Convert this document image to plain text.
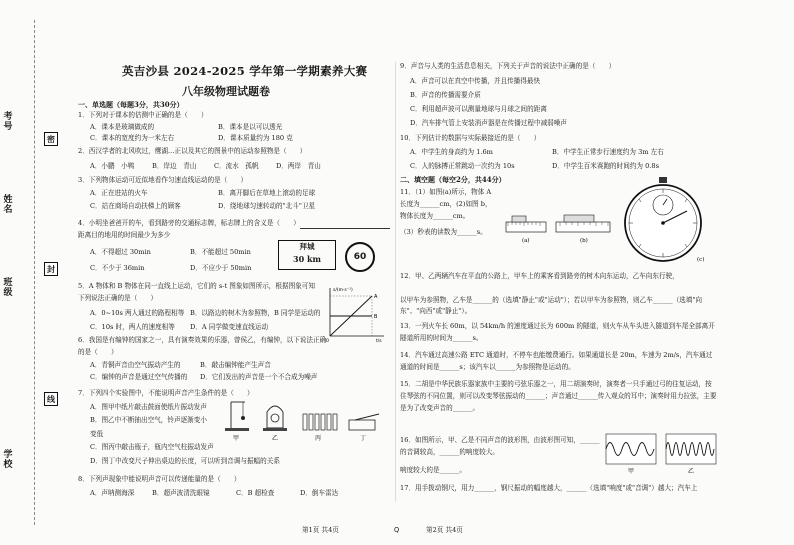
考号
姓名
班级
学校
密
封
线
英吉沙县 2024-2025 学年第一学期素养大赛
八年级物理试题卷
一、单选题（每题3分，共30分）
1．下列对于课本的估测中正确的是（　　）
A．课本是玻璃做成的	B．课本是以可以透光
C．课本的宽度约为一米左右	D．课本质量约为 180 克
2．西汉学者的北风吹过，鹰湖…正以及其它的图景中的运动参照物是（　　）
A．小鹏　小鸭	B．岸边　青山	C．流水　孤帆	D．两岸　青山
3．下列物体运动可近似地看作匀速直线运动的是（　　）
A．正在进站的火车	B．离开脚后在草地上滚动的足球
C．站在商场自动扶梯上的顾客	D．绕地球匀速转动的"北斗"卫星
4．小明坐爸爸开的车，看到路旁的交通标志牌，标志牌上的含义是（　　）
距离目的地用的时间最少为多少
A．不得超过 30min	B．不能超过 50min
C．不少于 36min	D．不应少于 50min
拜城
30 km	60
5．A 物体和 B 物体在同一直线上运动，它们的 s-t 图象如图所示，根据图象可知
下列说法正确的是（　　）
A．0~10s 两人通过的路程相等 B．以路边的树木为参照物，B 同学是运动的
C．10s 时，两人的速度相等 D．A 同学做变速直线运动
A
B
s/(m·s⁻¹)
t/s
0
6．我国是有编钟的国家之一，具有演奏效果的乐器，曾侯乙，有编钟，以下说法正确
的是（　　）
A．青铜声音由空气振动产生的	B．敲击编钟能产生声音
C．编钟的声音是通过空气传播的 D．它们发出的声音是一个不合成为噪声
7．下列四个实验图中，不能说明声音产生条件的是（　　）
A．图甲中纸片敲击鼓面使纸片振动发声
B．图乙中不断抽出空气，铃声逐渐变小
变低
C．图丙中敲击瓶子，瓶内空气柱振动发声
D．图丁中改变尺子伸出桌边的长度，可以听到音调与振幅的关系
甲	乙	丙	丁
8．下列声现象中能说明声音可以传递能量的是（　　）
A．声呐测海深	B．超声波清洗眼镜	C．B 超检查	D．倒车雷达
第1页 共4页	Q
9．声音与人类的生活息息相关，下列关于声音的说法中正确的是（　　）
A．声音可以在真空中传播，并且传播得最快
B．声音的传播需要介质
C．利用超声波可以测量地球与月球之间的距离
D．汽车排气管上安装消声器是在传播过程中减弱噪声
10．下列估计的数据与实际最接近的是（　　）
A．中学生的身高约为 1.6m	B．中学生正常步行速度约为 3m 左右
C．人的脉搏正常跳动一次约为 10s	D．中学生百米赛跑的时间约为 0.8s
二、填空题（每空2分，共44分）
11．（1）如图(a)所示，物体 A
长度为______cm，(2)如图 b，
物体长度为______cm。
（3）秒表的读数为______s。
(a)	(b)
(c)
12．甲、乙两辆汽车在平直的公路上，甲车上的乘客看到路旁的树木向东运动，乙车向东行驶，
以甲车为参照物，乙车是______的（选填"静止"或"运动"）；若以甲车为参照物，则乙车______（选填"向东"、"向西"或"静止"）。
13．一列火车长 60m，以 54km/h 的速度通过长为 600m 的隧道，则火车从车头进入隧道到车尾全部离开隧道所用的时间为______s。
14．汽车通过高速公路 ETC 通道时，不停车也能缴费通行。如果通道长是 20m，车速为 2m/s，汽车通过通道的时间是______s；该汽车以______为参照物是运动的。
15．二胡是中华民族乐器家族中主要的弓弦乐器之一，用二胡演奏时，演奏者一只手通过弓的往复运动，按住琴弦的不同位置，则可以改变琴弦振动的______；声音通过______传入观众的耳中；演奏时用力拉弦，主要是为了改变声音的______。
16．如图所示，甲、乙是不同声音的波形图，由波形图可知，______的音调较高，______的响度较大。
甲	乙
响度较大的是______。
17．用手拨动钢尺，用力______，钢尺振动的幅度越大，______（选填"响度"或"音调"）越大；汽车上
第2页 共4页
